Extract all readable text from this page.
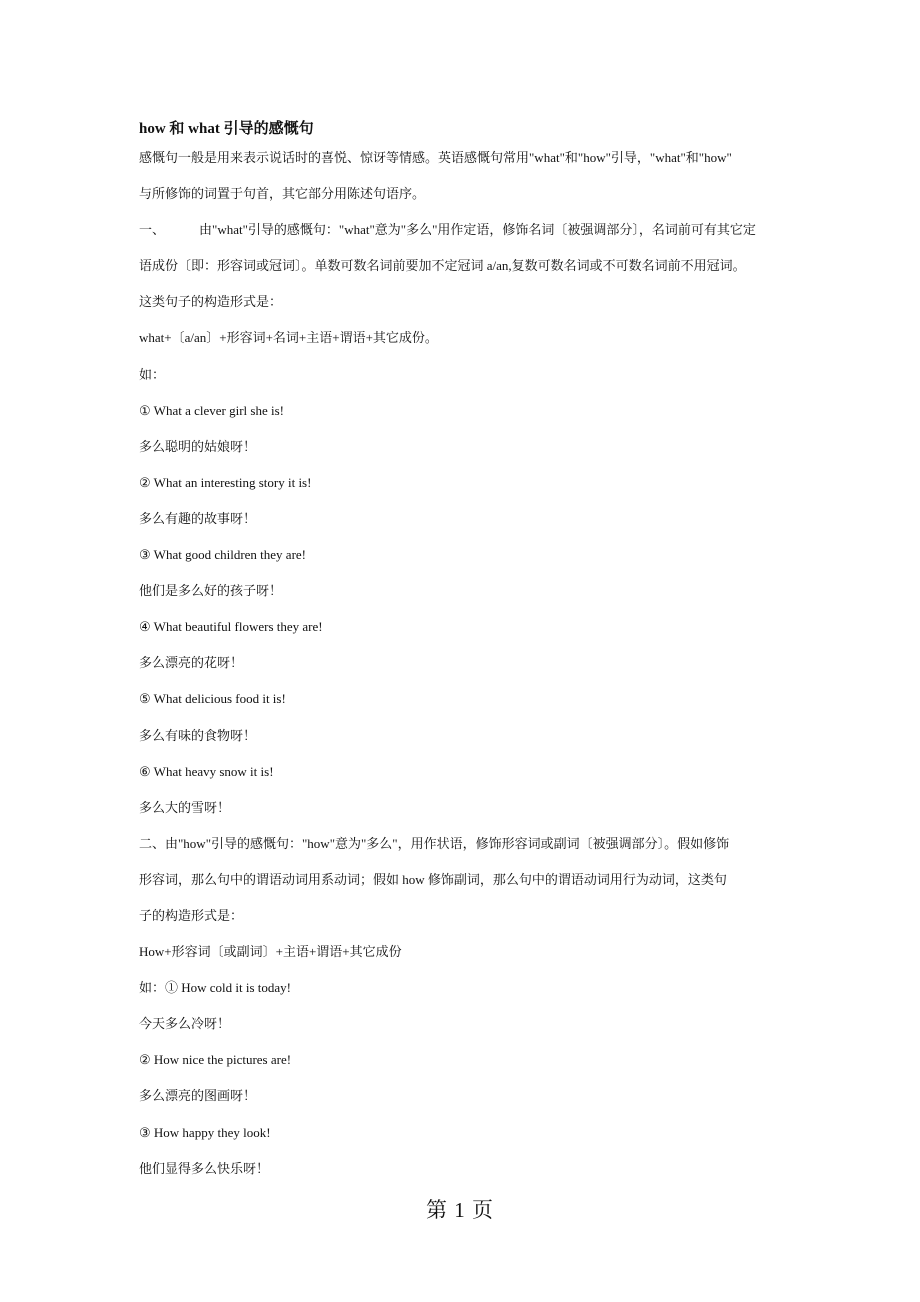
how 和 what 引导的感慨句
感慨句一般是用来表示说话时的喜悦、惊讶等情感。英语感慨句常用"what"和"how"引导，"what"和"how"
与所修饰的词置于句首，其它部分用陈述句语序。
一、	由"what"引导的感慨句："what"意为"多么"用作定语，修饰名词〔被强调部分〕，名词前可有其它定
语成份〔即：形容词或冠词〕。单数可数名词前要加不定冠词 a/an,复数可数名词或不可数名词前不用冠词。
这类句子的构造形式是：
what+〔a/an〕+形容词+名词+主语+谓语+其它成份。
如：
① What a clever girl she is!
多么聪明的姑娘呀！
② What an interesting story it is!
多么有趣的故事呀！
③ What good children they are!
他们是多么好的孩子呀！
④ What beautiful flowers they are!
多么漂亮的花呀！
⑤ What delicious food it is!
多么有味的食物呀！
⑥ What heavy snow it is!
多么大的雪呀！
二、由"how"引导的感慨句："how"意为"多么"，用作状语，修饰形容词或副词〔被强调部分〕。假如修饰
形容词，那么句中的谓语动词用系动词；假如 how 修饰副词，那么句中的谓语动词用行为动词，这类句
子的构造形式是：
How+形容词〔或副词〕+主语+谓语+其它成份
如：① How cold it is today!
今天多么冷呀！
② How nice the pictures are!
多么漂亮的图画呀！
③ How happy they look!
他们显得多么快乐呀！
第 1 页
